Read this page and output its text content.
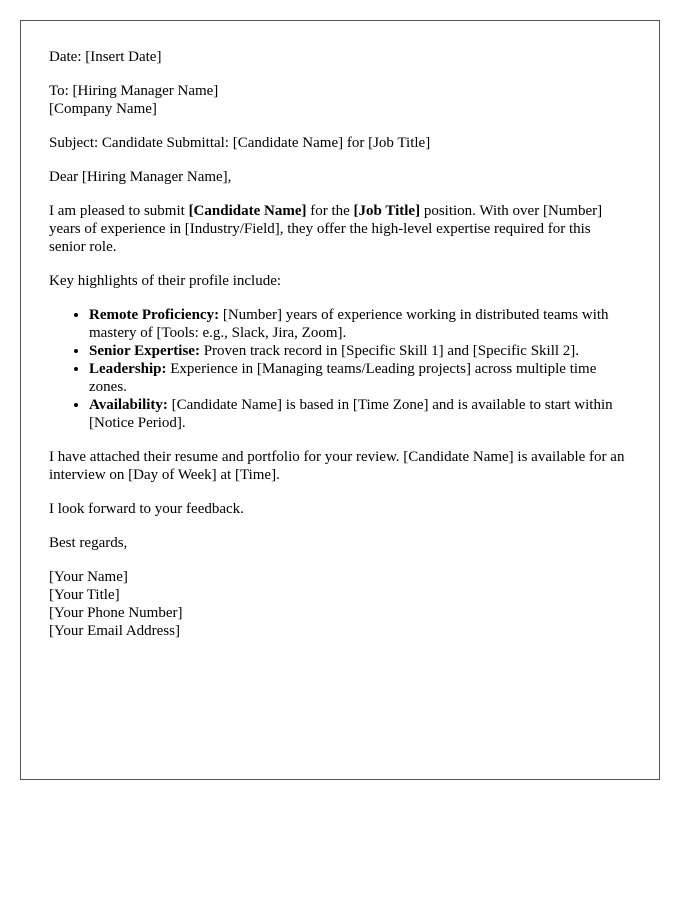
Date: [Insert Date]

To: [Hiring Manager Name]
[Company Name]

Subject: Candidate Submittal: [Candidate Name] for [Job Title]

Dear [Hiring Manager Name],

I am pleased to submit [Candidate Name] for the [Job Title] position. With over [Number] years of experience in [Industry/Field], they offer the high-level expertise required for this senior role.

Key highlights of their profile include:

• Remote Proficiency: [Number] years of experience working in distributed teams with mastery of [Tools: e.g., Slack, Jira, Zoom].
• Senior Expertise: Proven track record in [Specific Skill 1] and [Specific Skill 2].
• Leadership: Experience in [Managing teams/Leading projects] across multiple time zones.
• Availability: [Candidate Name] is based in [Time Zone] and is available to start within [Notice Period].

I have attached their resume and portfolio for your review. [Candidate Name] is available for an interview on [Day of Week] at [Time].

I look forward to your feedback.

Best regards,

[Your Name]
[Your Title]
[Your Phone Number]
[Your Email Address]
